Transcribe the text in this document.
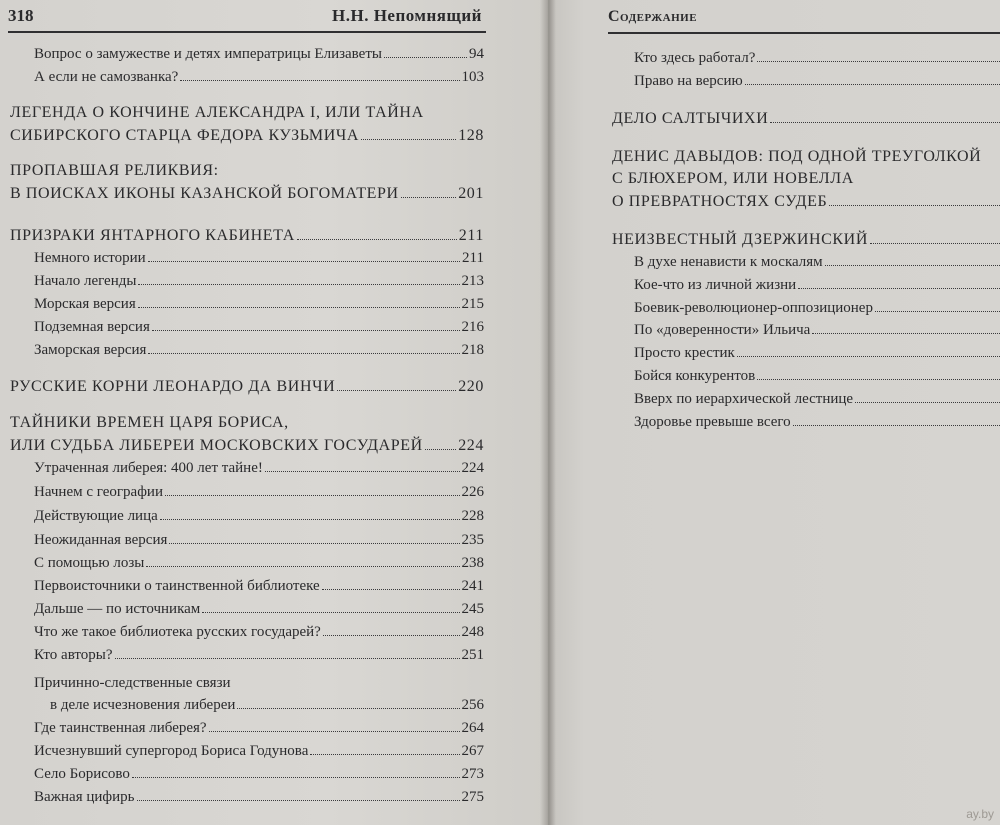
318	Н.Н. Непомнящий
Вопрос о замужестве и детях императрицы Елизаветы	94
А если не самозванка?	103
ЛЕГЕНДА О КОНЧИНЕ АЛЕКСАНДРА I, ИЛИ ТАЙНА
СИБИРСКОГО СТАРЦА ФЕДОРА КУЗЬМИЧА	128
ПРОПАВШАЯ РЕЛИКВИЯ:
В ПОИСКАХ ИКОНЫ КАЗАНСКОЙ БОГОМАТЕРИ	201
ПРИЗРАКИ ЯНТАРНОГО КАБИНЕТА	211
Немного истории	211
Начало легенды	213
Морская версия	215
Подземная версия	216
Заморская версия	218
РУССКИЕ КОРНИ ЛЕОНАРДО ДА ВИНЧИ	220
ТАЙНИКИ ВРЕМЕН ЦАРЯ БОРИСА,
ИЛИ СУДЬБА ЛИБЕРЕИ МОСКОВСКИХ ГОСУДАРЕЙ 224
Утраченная либерея: 400 лет тайне!	224
Начнем с географии	226
Действующие лица	228
Неожиданная версия	235
С помощью лозы	238
Первоисточники о таинственной библиотеке	241
Дальше — по источникам	245
Что же такое библиотека русских государей?	248
Кто авторы?	251
Причинно-следственные связи
в деле исчезновения либереи	256
Где таинственная либерея?	264
Исчезнувший супергород Бориса Годунова	267
Село Борисово	273
Важная цифирь	275
Содержание
Кто здесь работал?
Право на версию
ДЕЛО САЛТЫЧИХИ
ДЕНИС ДАВЫДОВ: ПОД ОДНОЙ ТРЕУГОЛКОЙ
С БЛЮХЕРОМ, ИЛИ НОВЕЛЛА
О ПРЕВРАТНОСТЯХ СУДЕБ
НЕИЗВЕСТНЫЙ ДЗЕРЖИНСКИЙ
В духе ненависти к москалям
Кое-что из личной жизни
Боевик-революционер-оппозиционер
По «доверенности» Ильича
Просто крестик
Бойся конкурентов
Вверх по иерархической лестнице
Здоровье превыше всего
ay.by
